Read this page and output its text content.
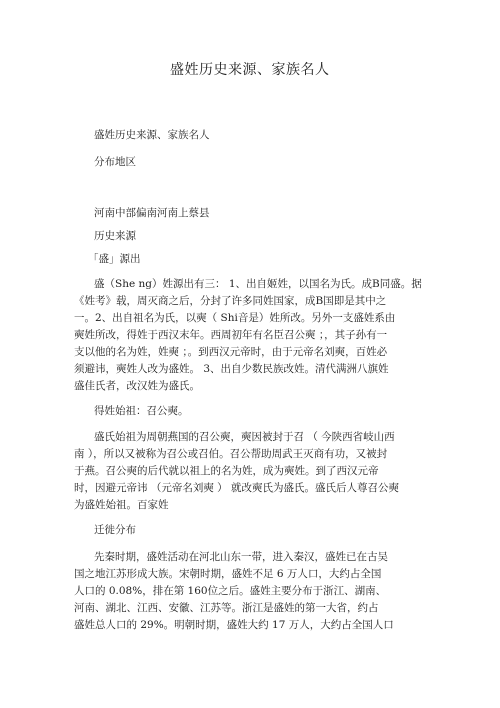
盛姓历史来源、家族名人
盛姓历史来源、家族名人
分布地区
河南中部偏南河南上蔡县
历史来源
「盛」源出
盛（She ng）姓源出有三： 1、出自姬姓，以国名为氏。成B同盛。据
《姓考》载，周灭商之后，分封了许多同姓国家，成B国即是其中之
一。2、出自祖名为氏，以奭（ Shi音是）姓所改。另外一支盛姓系由
奭姓所改，得姓于西汉末年。西周初年有名臣召公奭 ；，其子孙有一
支以他的名为姓，姓奭 ；。到西汉元帝时，由于元帝名刘奭，百姓必
须避讳，奭姓人改为盛姓。 3、出自少数民族改姓。清代满洲八旗姓
盛佳氏者，改汉姓为盛氏。
得姓始祖：召公奭。
盛氏始祖为周朝燕国的召公奭，奭因被封于召 （ 今陕西省岐山西
南 ），所以又被称为召公或召伯。召公帮助周武王灭商有功，又被封
于燕。召公奭的后代就以祖上的名为姓，成为奭姓。到了西汉元帝
时，因避元帝讳 （元帝名刘奭 ） 就改奭氏为盛氏。盛氏后人尊召公奭
为盛姓始祖。百家姓
迁徙分布
先秦时期，盛姓活动在河北山东一带，进入秦汉，盛姓已在古吴
国之地江苏形成大族。宋朝时期，盛姓不足 6 万人口，大约占全国
人口的 0.08%，排在第 160位之后。盛姓主要分布于浙江、湖南、
河南、湖北、江西、安徽、江苏等。浙江是盛姓的第一大省，约占
盛姓总人口的 29%。明朝时期，盛姓大约 17 万人，大约占全国人口
